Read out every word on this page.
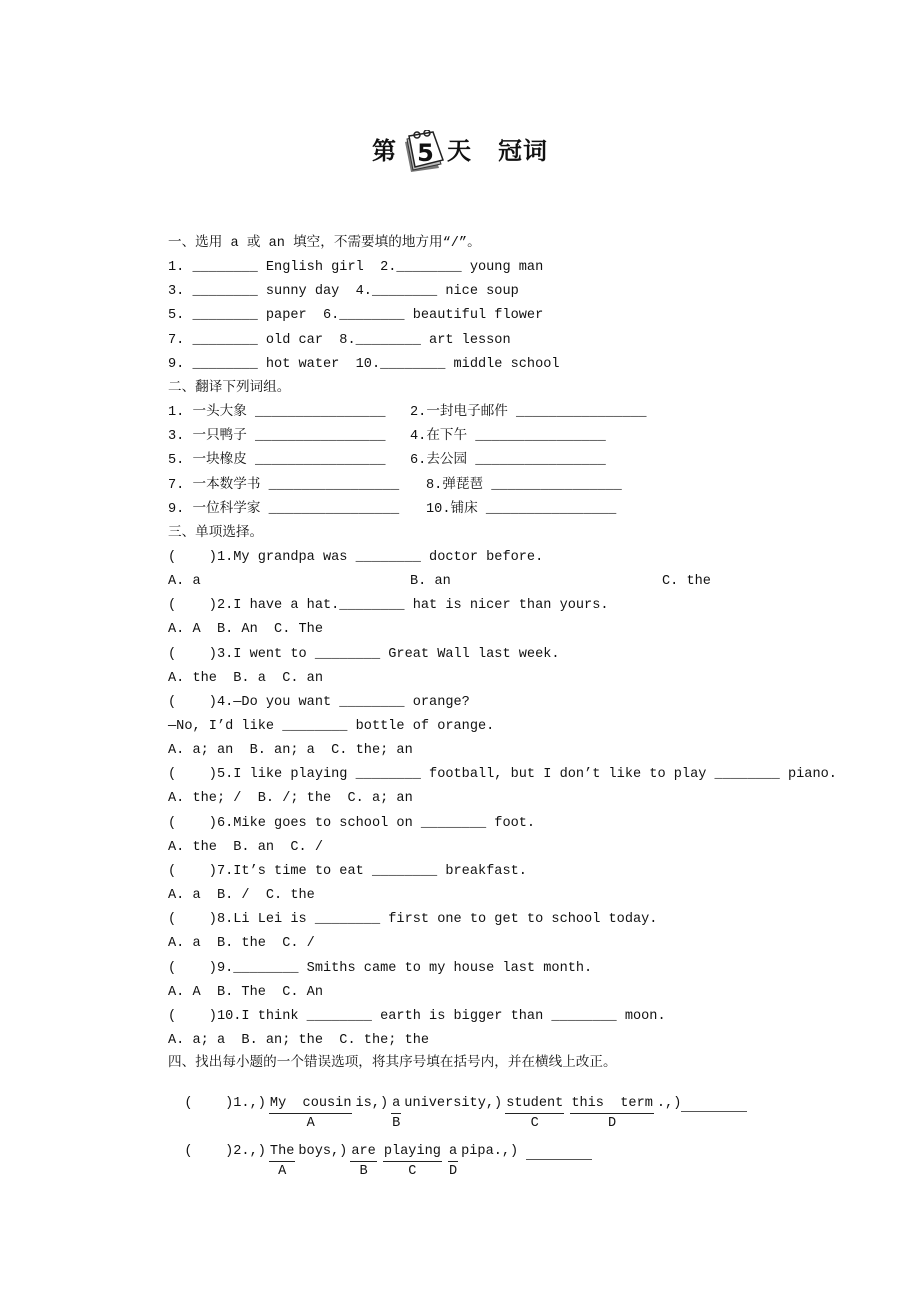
第 5 天 冠词
一、选用 a 或 an 填空，不需要填的地方用“/”。
1. ________ English girl  2.________ young man
3. ________ sunny day  4.________ nice soup
5. ________ paper  6.________ beautiful flower
7. ________ old car  8.________ art lesson
9. ________ hot water  10.________ middle school
二、翻译下列词组。
1. 一头大象 ________________ 2.一封电子邮件 ________________
3. 一只鸭子 ________________ 4.在下午 ________________
5. 一块橡皮 ________________ 6.去公园 ________________
7. 一本数学书 ________________ 8.弹琵琶 ________________
9. 一位科学家 ________________ 10.铺床 ________________
三、单项选择。
(    )1.My grandpa was ________ doctor before.
A. a	B. an	C. the
(    )2.I have a hat.________ hat is nicer than yours.
A. A  B. An  C. The
(    )3.I went to ________ Great Wall last week.
A. the  B. a  C. an
(    )4.—Do you want ________ orange?
—No, I’d like ________ bottle of orange.
A. a; an  B. an; a  C. the; an
(    )5.I like playing ________ football, but I don’t like to play ________ piano.
A. the; /  B. /; the  C. a; an
(    )6.Mike goes to school on ________ foot.
A. the  B. an  C. /
(    )7.It’s time to eat ________ breakfast.
A. a  B. /  C. the
(    )8.Li Lei is ________ first one to get to school today.
A. a  B. the  C. /
(    )9.________ Smiths came to my house last month.
A. A  B. The  C. An
(    )10.I think ________ earth is bigger than ________ moon.
A. a; a  B. an; the  C. the; the
四、找出每小题的一个错误选项，将其序号填在括号内，并在横线上改正。

(    )1.,) My  cousin
A
$is,) \frac{a}{B}$ university,) student
C
this  term
D
.,)

(    )2.,) The
A
boys,) are
B
playing
C	$\frac{a}{D}$ pipa.,)
